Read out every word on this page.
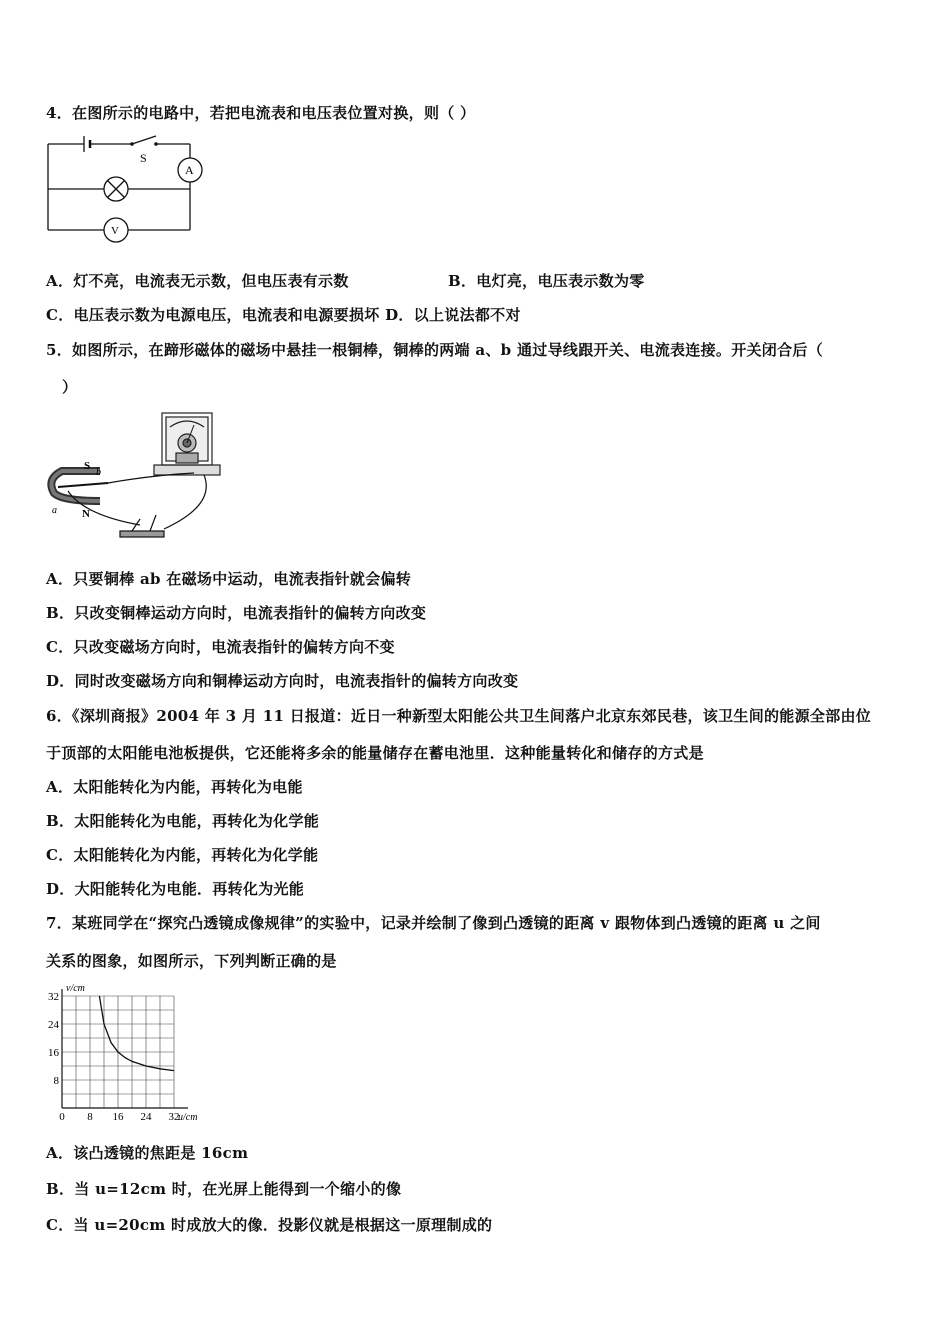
4．在图所示的电路中，若把电流表和电压表位置对换，则（ ）
S
A
V
A．灯不亮，电流表无示数，但电压表有示数	B．电灯亮，电压表示数为零
C．电压表示数为电源电压，电流表和电源要损坏 D．以上说法都不对
5．如图所示，在蹄形磁体的磁场中悬挂一根铜棒，铜棒的两端 a、b 通过导线跟开关、电流表连接。开关闭合后（
）
S
b
N
a
A．只要铜棒 ab 在磁场中运动，电流表指针就会偏转
B．只改变铜棒运动方向时，电流表指针的偏转方向改变
C．只改变磁场方向时，电流表指针的偏转方向不变
D．同时改变磁场方向和铜棒运动方向时，电流表指针的偏转方向改变
6．《深圳商报》2004 年 3 月 11 日报道：近日一种新型太阳能公共卫生间落户北京东郊民巷，该卫生间的能源全部由位
于顶部的太阳能电池板提供，它还能将多余的能量储存在蓄电池里．这种能量转化和储存的方式是
A．太阳能转化为内能，再转化为电能
B．太阳能转化为电能，再转化为化学能
C．太阳能转化为内能，再转化为化学能
D．大阳能转化为电能．再转化为光能
7．某班同学在“探究凸透镜成像规律”的实验中，记录并绘制了像到凸透镜的距离 v 跟物体到凸透镜的距离 u 之间
关系的图象，如图所示，下列判断正确的是
0 8 16 24 32
8
16
24
32
u/cm
v/cm
A．该凸透镜的焦距是 16cm
B．当 u=12cm 时，在光屏上能得到一个缩小的像
C．当 u=20cm 时成放大的像．投影仪就是根据这一原理制成的
